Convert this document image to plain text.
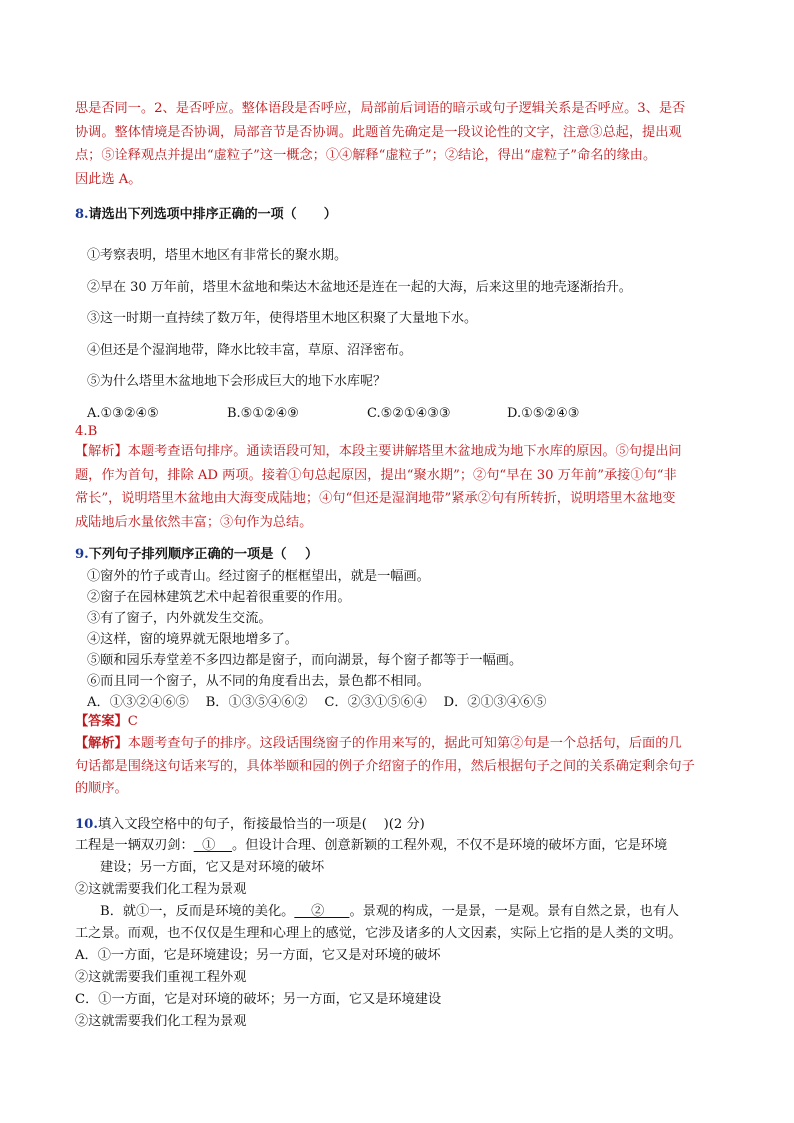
思是否同一。2、是否呼应。整体语段是否呼应，局部前后词语的暗示或句子逻辑关系是否呼应。3、是否

协调。整体情境是否协调，局部音节是否协调。此题首先确定是一段议论性的文字，注意③总起，提出观

点；⑤诠释观点并提出“虚粒子”这一概念；①④解释“虚粒子”；②结论，得出“虚粒子”命名的缘由。

因此选 A。

8.请选出下列选项中排序正确的一项（      ）

①考察表明，塔里木地区有非常长的聚水期。

②早在 30 万年前，塔里木盆地和柴达木盆地还是连在一起的大海，后来这里的地壳逐渐抬升。

③这一时期一直持续了数万年，使得塔里木地区积聚了大量地下水。

④但还是个湿润地带，降水比较丰富，草原、沼泽密布。

⑤为什么塔里木盆地地下会形成巨大的地下水库呢？

A.①③②④⑤	B.⑤①②④⑨	C.⑤②①④③③	D.①⑤②④③

4.B

【解析】本题考查语句排序。通读语段可知，本段主要讲解塔里木盆地成为地下水库的原因。⑤句提出问

题，作为首句，排除 AD 两项。接着①句总起原因，提出“聚水期”；②句“早在 30 万年前”承接①句“非

常长”，说明塔里木盆地由大海变成陆地；④句“但还是湿润地带”紧承②句有所转折，说明塔里木盆地变

成陆地后水量依然丰富；③句作为总结。

9.下列句子排列顺序正确的一项是（    ）

①窗外的竹子或青山。经过窗子的框框望出，就是一幅画。

②窗子在园林建筑艺术中起着很重要的作用。

③有了窗子，内外就发生交流。

④这样，窗的境界就无限地增多了。

⑤颐和园乐寿堂差不多四边都是窗子，而向湖景，每个窗子都等于一幅画。

⑥而且同一个窗子，从不同的角度看出去，景色都不相同。

A．①③②④⑥⑤    B．①③⑤④⑥②    C．②③①⑤⑥④    D．②①③④⑥⑤

【答案】C

【解析】本题考查句子的排序。这段话围绕窗子的作用来写的，据此可知第②句是一个总括句，后面的几

句话都是围绕这句话来写的，具体举颐和园的例子介绍窗子的作用，然后根据句子之间的关系确定剩余句子

的顺序。

10.填入文段空格中的句子，衔接最恰当的一项是(    )(2 分)

工程是一辆双刃剑：  ①    。但设计合理、创意新颖的工程外观，不仅不是环境的破坏方面，它是环境

建设；另一方面，它又是对环境的破坏

②这就需要我们化工程为景观

B．就①一，反而是环境的美化。    ②      。景观的构成，一是景，一是观。景有自然之景，也有人

工之景。而观，也不仅仅是生理和心理上的感觉，它涉及诸多的人文因素，实际上它指的是人类的文明。

A．①一方面，它是环境建设；另一方面，它又是对环境的破坏

②这就需要我们重视工程外观

C．①一方面，它是对环境的破坏；另一方面，它又是环境建设

②这就需要我们化工程为景观
